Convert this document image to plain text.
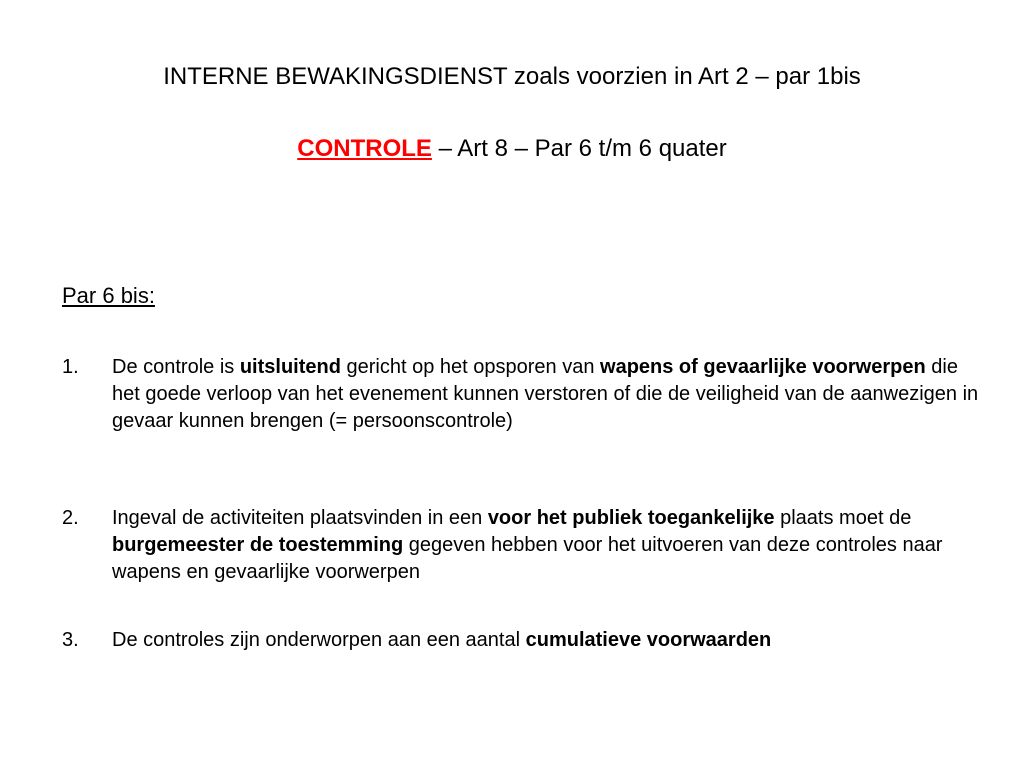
INTERNE BEWAKINGSDIENST zoals voorzien in Art 2 – par 1bis
CONTROLE – Art 8 – Par 6 t/m 6 quater
Par 6 bis:
1.	De controle is uitsluitend gericht op het opsporen van wapens of gevaarlijke voorwerpen die het goede verloop van het evenement kunnen verstoren of die de veiligheid van de aanwezigen in gevaar kunnen brengen (= persoonscontrole)
2.	Ingeval de activiteiten plaatsvinden in een voor het publiek toegankelijke plaats moet de burgemeester de toestemming gegeven hebben voor het uitvoeren van deze controles naar wapens en gevaarlijke voorwerpen
3.	De controles zijn onderworpen aan een aantal cumulatieve voorwaarden
